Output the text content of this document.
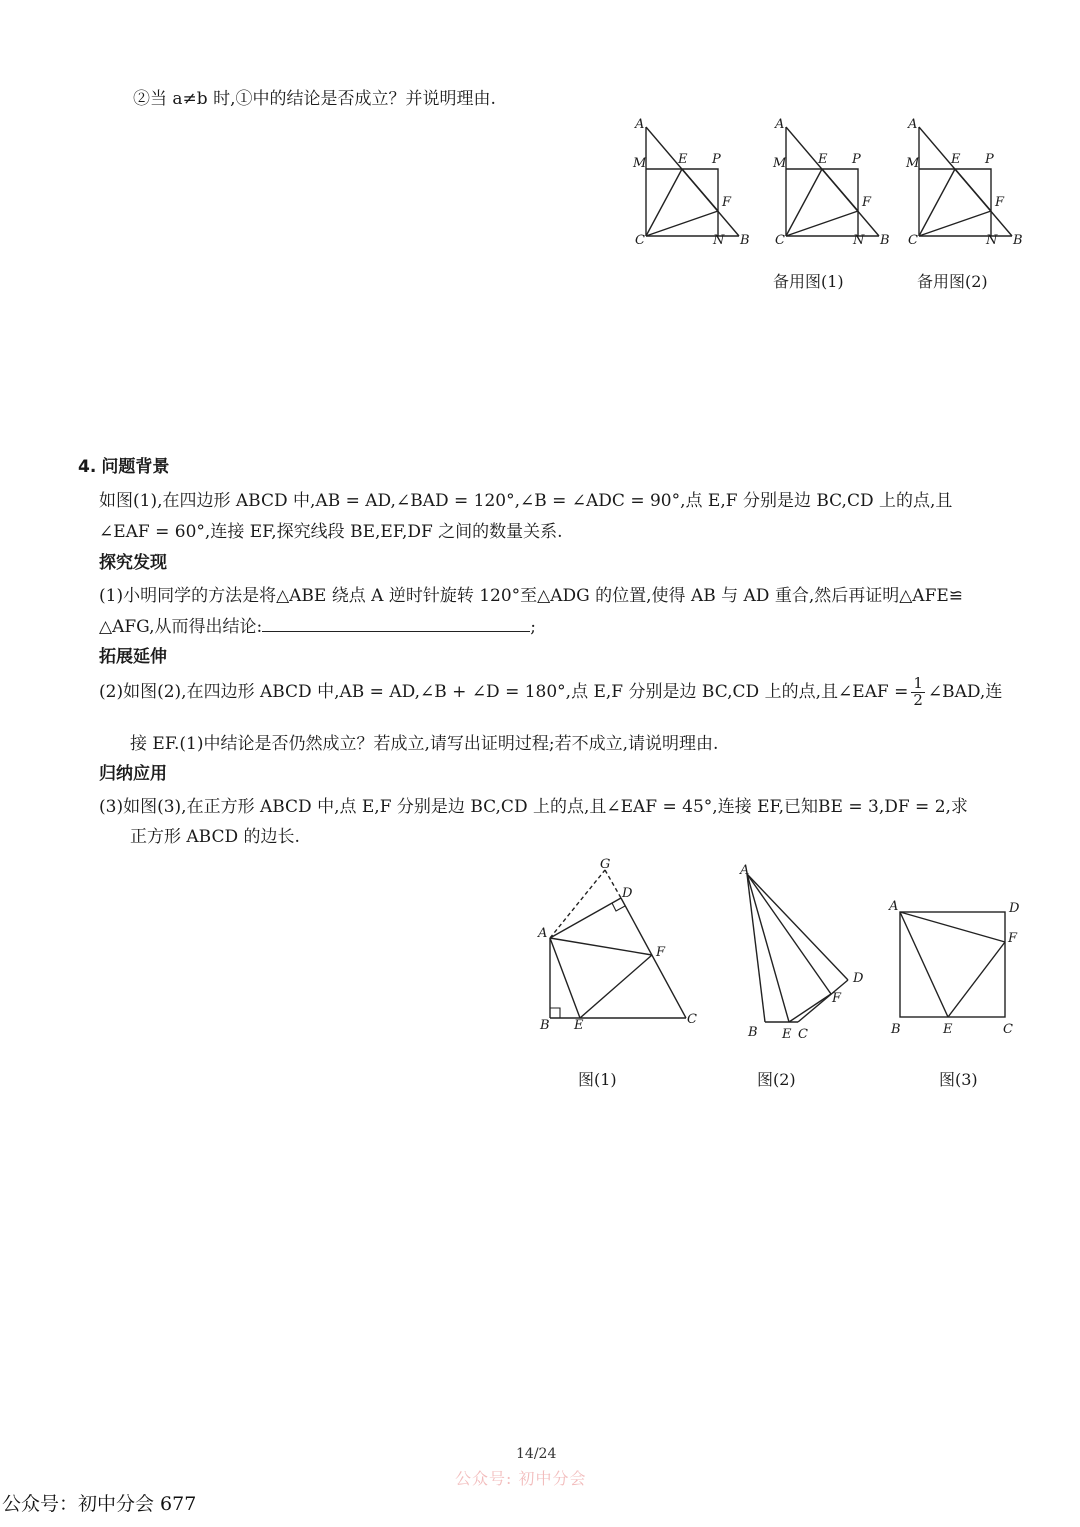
②当 a≠b 时,①中的结论是否成立？并说明理由.
A
M E P
F
C	N B
A
M E P
F
C	N B
A
M E P
F
C	N B
备用图(1)	备用图(2)
4. 问题背景
如图(1),在四边形 ABCD 中,AB = AD,∠BAD = 120°,∠B = ∠ADC = 90°,点 E,F 分别是边 BC,CD 上的点,且
∠EAF = 60°,连接 EF,探究线段 BE,EF,DF 之间的数量关系.
探究发现
(1)小明同学的方法是将△ABE 绕点 A 逆时针旋转 120°至△ADG 的位置,使得 AB 与 AD 重合,然后再证明△AFE≌
△AFG,从而得出结论:	;
拓展延伸
(2)如图(2),在四边形 ABCD 中,AB = AD,∠B + ∠D = 180°,点 E,F 分别是边 BC,CD 上的点,且∠EAF = $\frac{1}{2}$ ∠BAD,连
接 EF.(1)中结论是否仍然成立？若成立,请写出证明过程;若不成立,请说明理由.
归纳应用
(3)如图(3),在正方形 ABCD 中,点 E,F 分别是边 BC,CD 上的点,且∠EAF = 45°,连接 EF,已知BE = 3,DF = 2,求
正方形 ABCD 的边长.
G
D
A
F
B E	C
A
D
F
B E C
A	D
F
B	E	C
图(1)	图(2)	图(3)
14/24
公众号: 初中分会
公众号：初中分会 677
